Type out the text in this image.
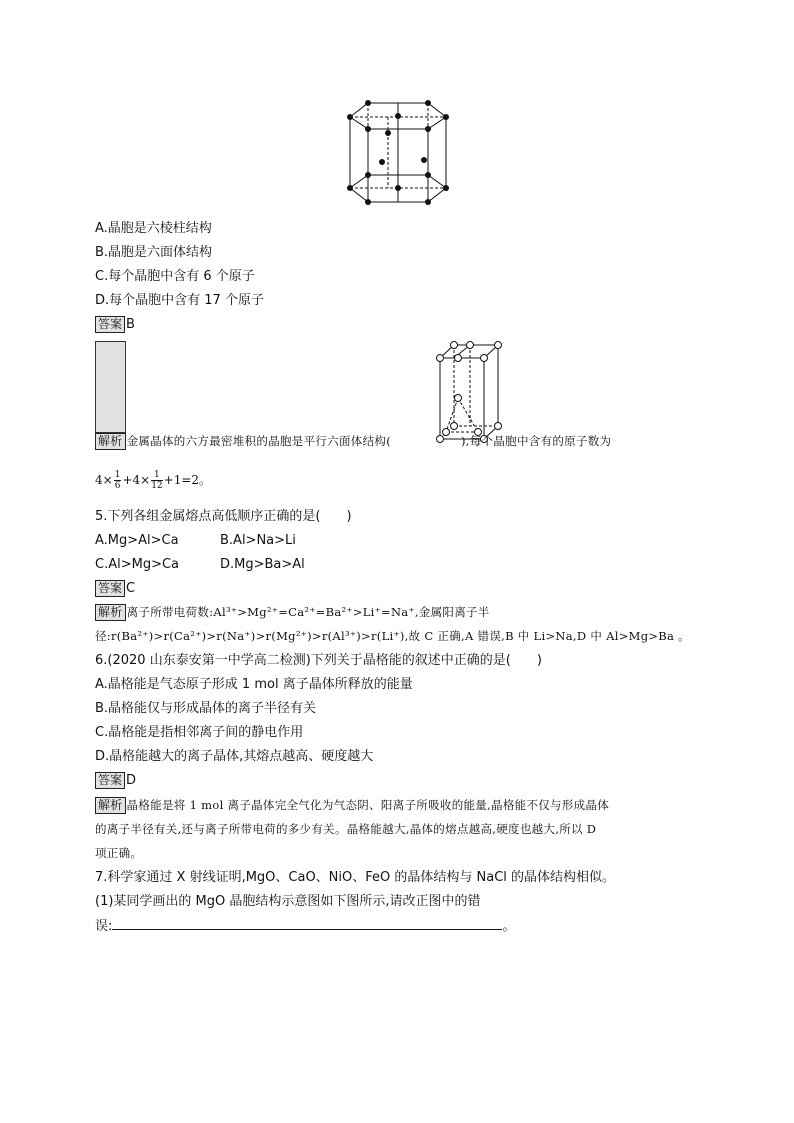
A.晶胞是六棱柱结构
B.晶胞是六面体结构
C.每个晶胞中含有 6 个原子
D.每个晶胞中含有 17 个原子
答案 B
解析 金属晶体的六方最密堆积的晶胞是平行六面体结构(	),每个晶胞中含有的原子数为
$4\times \frac{1}{6} +4\times \frac{1}{12} +1=2$。
5.下列各组金属熔点高低顺序正确的是(　　)
A.Mg>Al>Ca	B.Al>Na>Li
C.Al>Mg>Ca	D.Mg>Ba>Al
答案 C
解析 离子所带电荷数:Al³⁺>Mg²⁺=Ca²⁺=Ba²⁺>Li⁺=Na⁺,金属阳离子半
径:r(Ba²⁺)>r(Ca²⁺)>r(Na⁺)>r(Mg²⁺)>r(Al³⁺)>r(Li⁺),故 C 正确,A 错误,B 中 Li>Na,D 中 Al>Mg>Ba 。
6.(2020 山东泰安第一中学高二检测)下列关于晶格能的叙述中正确的是(　　)
A.晶格能是气态原子形成 1 mol 离子晶体所释放的能量
B.晶格能仅与形成晶体的离子半径有关
C.晶格能是指相邻离子间的静电作用
D.晶格能越大的离子晶体,其熔点越高、硬度越大
答案 D
解析 晶格能是将 1 mol 离子晶体完全气化为气态阴、阳离子所吸收的能量,晶格能不仅与形成晶体
的离子半径有关,还与离子所带电荷的多少有关。晶格能越大,晶体的熔点越高,硬度也越大,所以 D
项正确。
7.科学家通过 X 射线证明,MgO、CaO、NiO、FeO 的晶体结构与 NaCl 的晶体结构相似。
(1)某同学画出的 MgO 晶胞结构示意图如下图所示,请改正图中的错
误:	。
